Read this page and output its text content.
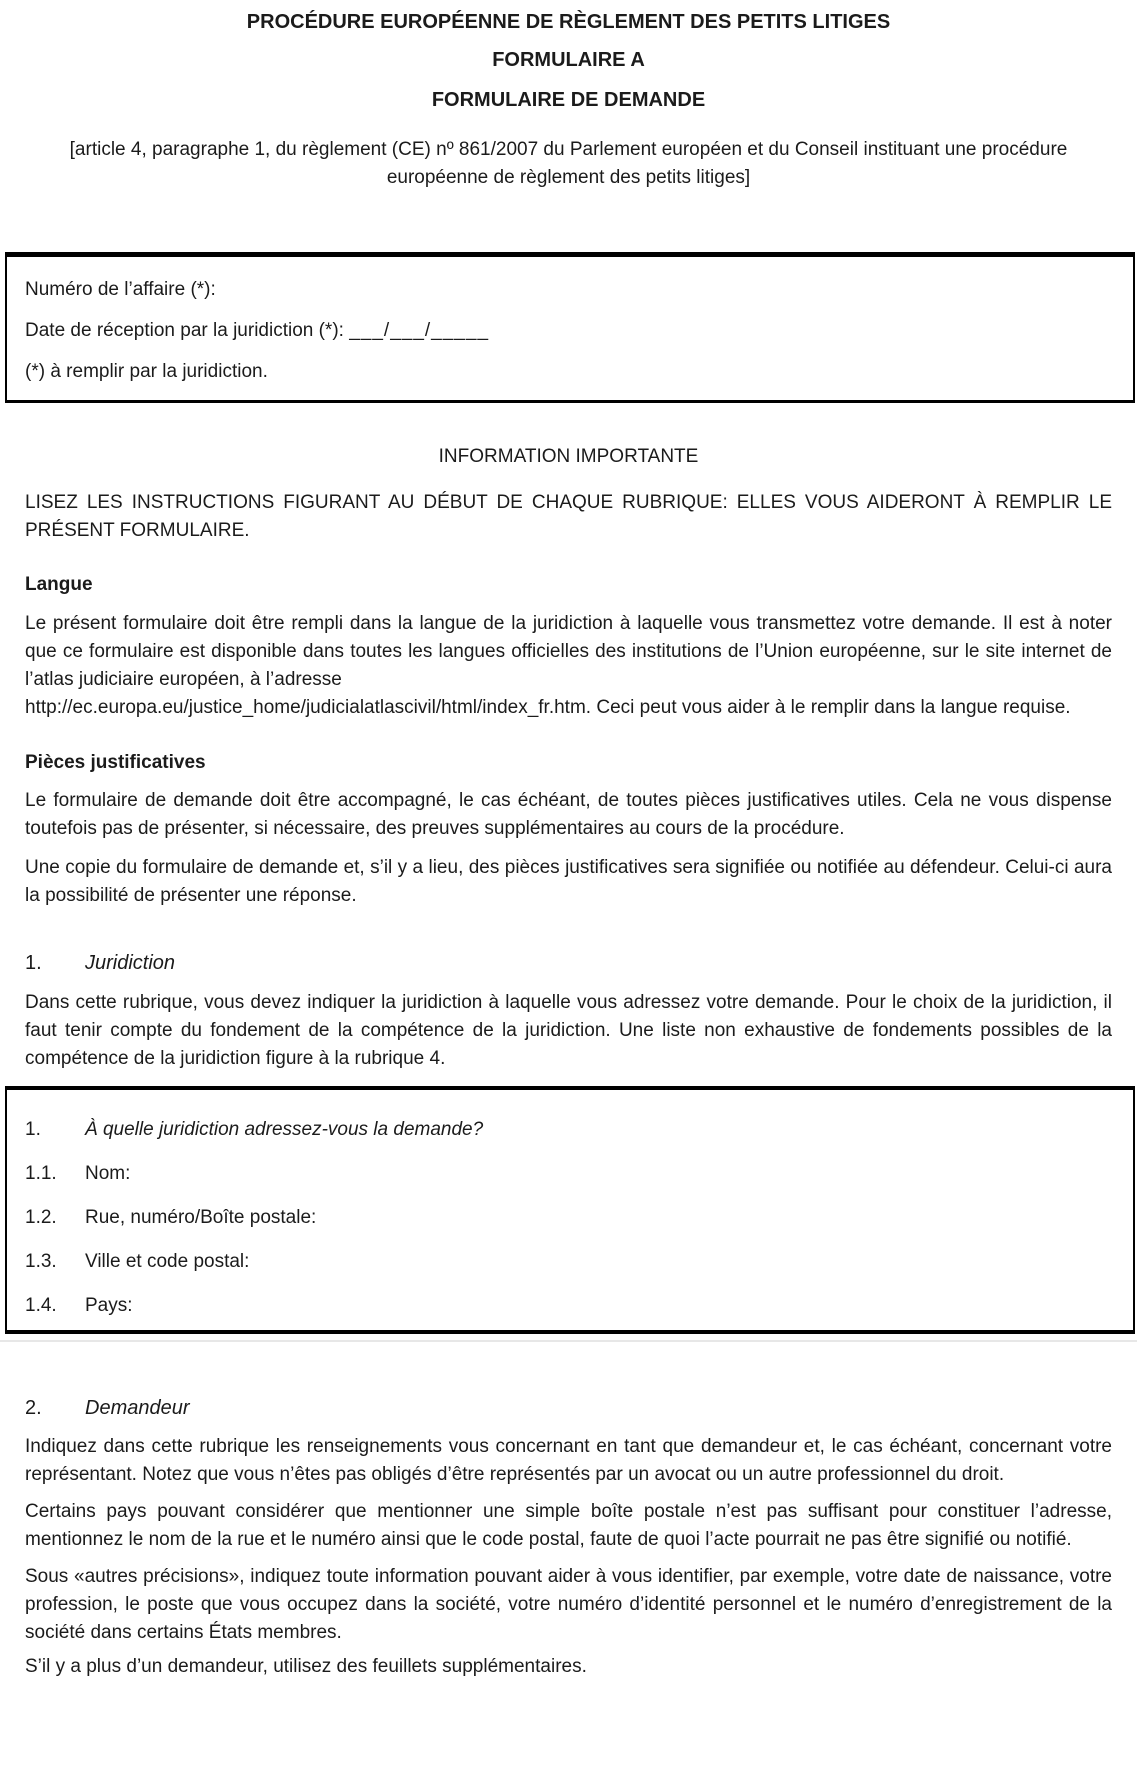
PROCÉDURE EUROPÉENNE DE RÈGLEMENT DES PETITS LITIGES
FORMULAIRE A
FORMULAIRE DE DEMANDE
[article 4, paragraphe 1, du règlement (CE) nº 861/2007 du Parlement européen et du Conseil instituant une procédure européenne de règlement des petits litiges]
Numéro de l’affaire (*):
Date de réception par la juridiction (*): ___/___/_____
(*) à remplir par la juridiction.
INFORMATION IMPORTANTE

LISEZ LES INSTRUCTIONS FIGURANT AU DÉBUT DE CHAQUE RUBRIQUE: ELLES VOUS AIDERONT À REMPLIR LE PRÉSENT FORMULAIRE.

Langue

Le présent formulaire doit être rempli dans la langue de la juridiction à laquelle vous transmettez votre demande. Il est à noter que ce formulaire est disponible dans toutes les langues officielles des institutions de l’Union européenne, sur le site internet de l’atlas judiciaire européen, à l’adresse

http://ec.europa.eu/justice_home/judicialatlascivil/html/index_fr.htm. Ceci peut vous aider à le remplir dans la langue requise.

Pièces justificatives

Le formulaire de demande doit être accompagné, le cas échéant, de toutes pièces justificatives utiles. Cela ne vous dispense toutefois pas de présenter, si nécessaire, des preuves supplémentaires au cours de la procédure.

Une copie du formulaire de demande et, s’il y a lieu, des pièces justificatives sera signifiée ou notifiée au défendeur. Celui-ci aura la possibilité de présenter une réponse.

1.	Juridiction

Dans cette rubrique, vous devez indiquer la juridiction à laquelle vous adressez votre demande. Pour le choix de la juridiction, il faut tenir compte du fondement de la compétence de la juridiction. Une liste non exhaustive de fondements possibles de la compétence de la juridiction figure à la rubrique 4.

1.	À quelle juridiction adressez-vous la demande?
1.1.	Nom:
1.2.	Rue, numéro/Boîte postale:
1.3.	Ville et code postal:
1.4.	Pays:
2.	Demandeur

Indiquez dans cette rubrique les renseignements vous concernant en tant que demandeur et, le cas échéant, concernant votre représentant. Notez que vous n’êtes pas obligés d’être représentés par un avocat ou un autre professionnel du droit.

Certains pays pouvant considérer que mentionner une simple boîte postale n’est pas suffisant pour constituer l’adresse, mentionnez le nom de la rue et le numéro ainsi que le code postal, faute de quoi l’acte pourrait ne pas être signifié ou notifié.

Sous «autres précisions», indiquez toute information pouvant aider à vous identifier, par exemple, votre date de naissance, votre profession, le poste que vous occupez dans la société, votre numéro d’identité personnel et le numéro d’enregistrement de la société dans certains États membres.

S’il y a plus d’un demandeur, utilisez des feuillets supplémentaires.
